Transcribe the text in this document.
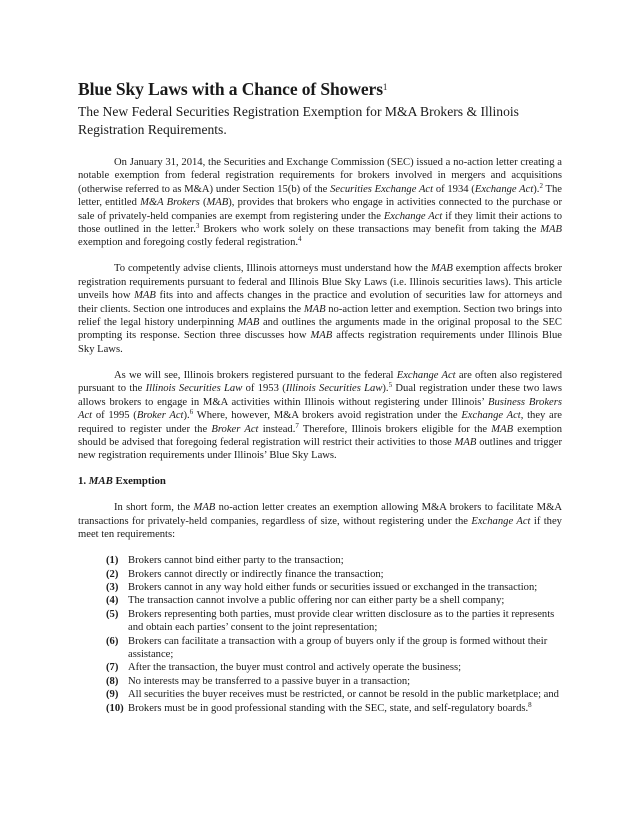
Blue Sky Laws with a Chance of Showers$^1$
The New Federal Securities Registration Exemption for M&A Brokers & Illinois Registration Requirements.

On January 31, 2014, the Securities and Exchange Commission (SEC) issued a no-action letter creating a notable exemption from federal registration requirements for brokers involved in mergers and acquisitions (otherwise referred to as M&A) under Section 15(b) of the Securities Exchange Act of 1934 (Exchange Act).$^2$ The letter, entitled M&A Brokers (MAB), provides that brokers who engage in activities connected to the purchase or sale of privately-held companies are exempt from registering under the Exchange Act if they limit their actions to those outlined in the letter.$^3$ Brokers who work solely on these transactions may benefit from taking the MAB exemption and foregoing costly federal registration.$^4$

To competently advise clients, Illinois attorneys must understand how the MAB exemption affects broker registration requirements pursuant to federal and Illinois Blue Sky Laws (i.e. Illinois securities laws). This article unveils how MAB fits into and affects changes in the practice and evolution of securities law for attorneys and their clients. Section one introduces and explains the MAB no-action letter and exemption. Section two brings into relief the legal history underpinning MAB and outlines the arguments made in the original proposal to the SEC prompting its response. Section three discusses how MAB affects registration requirements under Illinois Blue Sky Laws.

As we will see, Illinois brokers registered pursuant to the federal Exchange Act are often also registered pursuant to the Illinois Securities Law of 1953 (Illinois Securities Law).$^5$ Dual registration under these two laws allows brokers to engage in M&A activities within Illinois without registering under Illinois’ Business Brokers Act of 1995 (Broker Act).$^6$ Where, however, M&A brokers avoid registration under the Exchange Act, they are required to register under the Broker Act instead.$^7$ Therefore, Illinois brokers eligible for the MAB exemption should be advised that foregoing federal registration will restrict their activities to those MAB outlines and trigger new registration requirements under Illinois’ Blue Sky Laws.

1. MAB Exemption

In short form, the MAB no-action letter creates an exemption allowing M&A brokers to facilitate M&A transactions for privately-held companies, regardless of size, without registering under the Exchange Act if they meet ten requirements:

(1) Brokers cannot bind either party to the transaction;
(2) Brokers cannot directly or indirectly finance the transaction;
(3) Brokers cannot in any way hold either funds or securities issued or exchanged in the transaction;
(4) The transaction cannot involve a public offering nor can either party be a shell company;
(5) Brokers representing both parties, must provide clear written disclosure as to the parties it represents and obtain each parties’ consent to the joint representation;
(6) Brokers can facilitate a transaction with a group of buyers only if the group is formed without their assistance;
(7) After the transaction, the buyer must control and actively operate the business;
(8) No interests may be transferred to a passive buyer in a transaction;
(9) All securities the buyer receives must be restricted, or cannot be resold in the public marketplace; and
(10) Brokers must be in good professional standing with the SEC, state, and self-regulatory boards.$^8$
